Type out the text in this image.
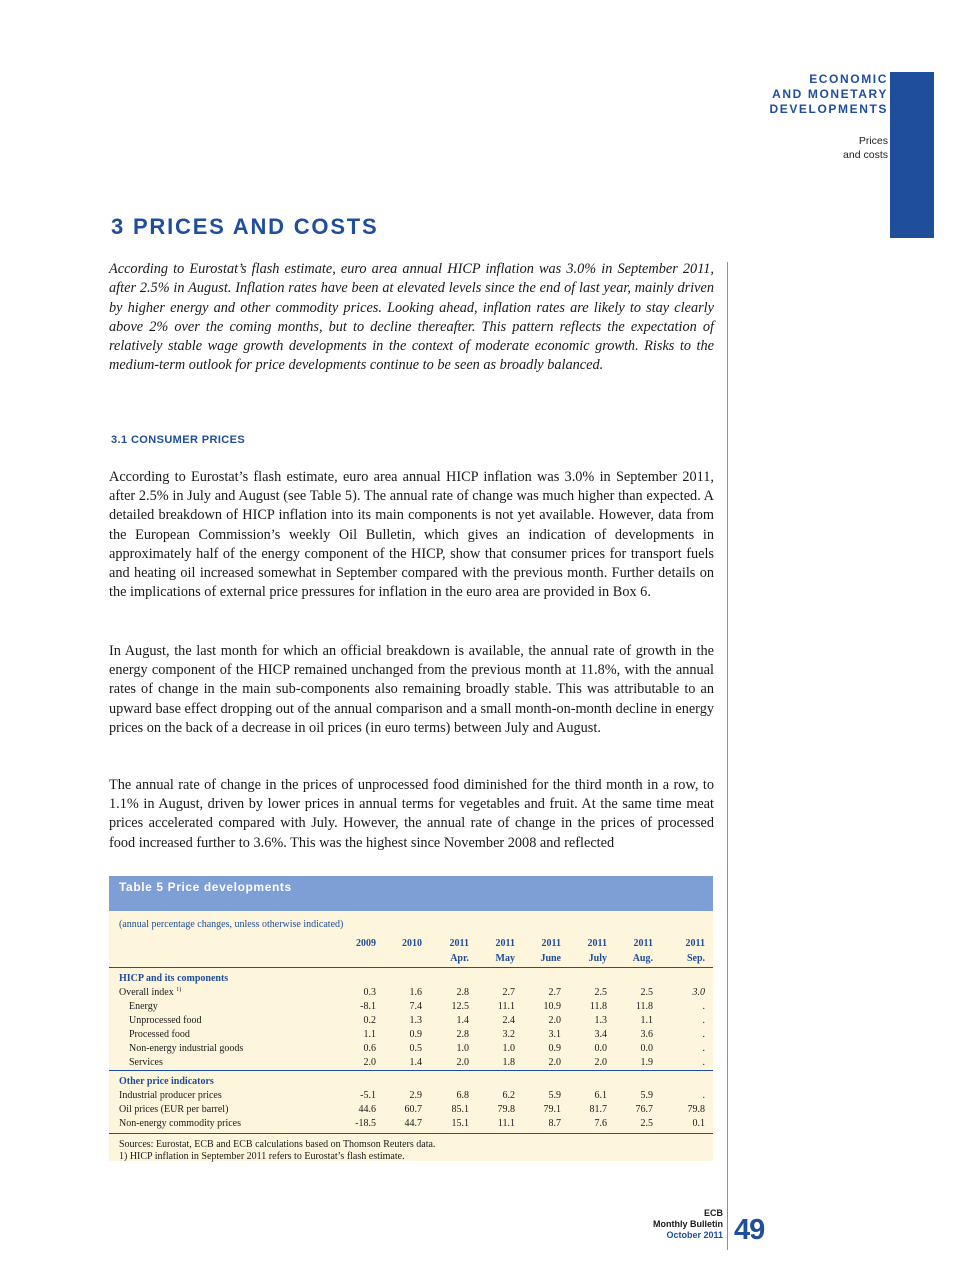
ECONOMIC
AND MONETARY
DEVELOPMENTS
Prices
and costs
3 PRICES AND COSTS

According to Eurostat’s flash estimate, euro area annual HICP inflation was 3.0% in September 2011, after 2.5% in August. Inflation rates have been at elevated levels since the end of last year, mainly driven by higher energy and other commodity prices. Looking ahead, inflation rates are likely to stay clearly above 2% over the coming months, but to decline thereafter. This pattern reflects the expectation of relatively stable wage growth developments in the context of moderate economic growth. Risks to the medium-term outlook for price developments continue to be seen as broadly balanced.

3.1 CONSUMER PRICES

According to Eurostat’s flash estimate, euro area annual HICP inflation was 3.0% in September 2011, after 2.5% in July and August (see Table 5). The annual rate of change was much higher than expected. A detailed breakdown of HICP inflation into its main components is not yet available. However, data from the European Commission’s weekly Oil Bulletin, which gives an indication of developments in approximately half of the energy component of the HICP, show that consumer prices for transport fuels and heating oil increased somewhat in September compared with the previous month. Further details on the implications of external price pressures for inflation in the euro area are provided in Box 6.

In August, the last month for which an official breakdown is available, the annual rate of growth in the energy component of the HICP remained unchanged from the previous month at 11.8%, with the annual rates of change in the main sub-components also remaining broadly stable. This was attributable to an upward base effect dropping out of the annual comparison and a small month-on-month decline in energy prices on the back of a decrease in oil prices (in euro terms) between July and August.

The annual rate of change in the prices of unprocessed food diminished for the third month in a row, to 1.1% in August, driven by lower prices in annual terms for vegetables and fruit. At the same time meat prices accelerated compared with July. However, the annual rate of change in the prices of processed food increased further to 3.6%. This was the highest since November 2008 and reflected

Table 5 Price developments
(annual percentage changes, unless otherwise indicated)
	2009	2010	2011	2011	2011	2011	2011	2011
			Apr.	May	June	July	Aug.	Sep.
HICP and its components								
Overall index $^{1)}$	0.3	1.6	2.8	2.7	2.7	2.5	2.5	3.0
Energy	-8.1	7.4	12.5	11.1	10.9	11.8	11.8	.
Unprocessed food	0.2	1.3	1.4	2.4	2.0	1.3	1.1	.
Processed food	1.1	0.9	2.8	3.2	3.1	3.4	3.6	.
Non-energy industrial goods	0.6	0.5	1.0	1.0	0.9	0.0	0.0	.
Services	2.0	1.4	2.0	1.8	2.0	2.0	1.9	.
Other price indicators								
Industrial producer prices	-5.1	2.9	6.8	6.2	5.9	6.1	5.9	.
Oil prices (EUR per barrel)	44.6	60.7	85.1	79.8	79.1	81.7	76.7	79.8
Non-energy commodity prices	-18.5	44.7	15.1	11.1	8.7	7.6	2.5	0.1
Sources: Eurostat, ECB and ECB calculations based on Thomson Reuters data.
1) HICP inflation in September 2011 refers to Eurostat’s flash estimate.
ECB
Monthly Bulletin
October 2011 49
